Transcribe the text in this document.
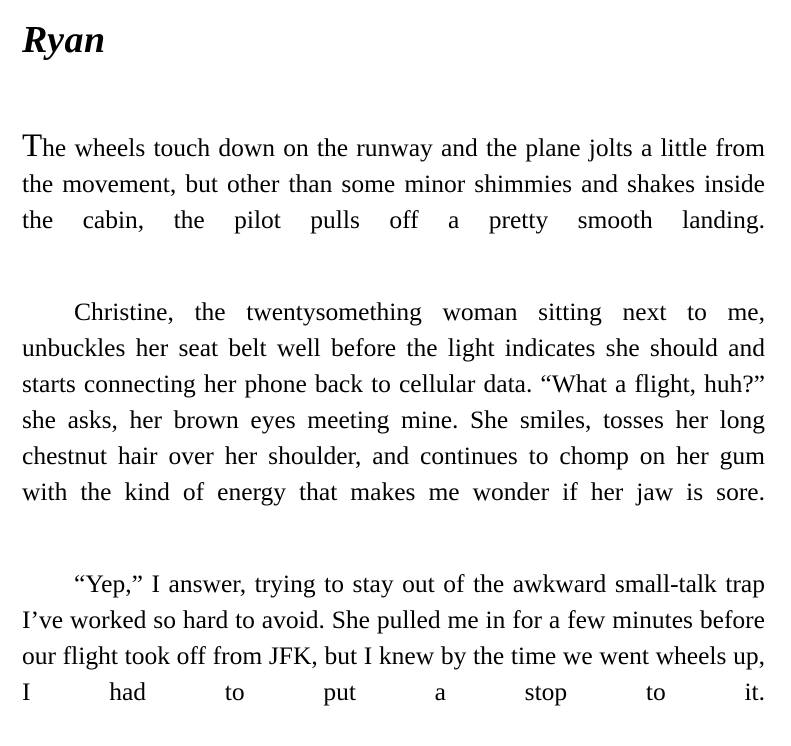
Ryan

The wheels touch down on the runway and the plane jolts a little from the movement, but other than some minor shimmies and shakes inside the cabin, the pilot pulls off a pretty smooth landing.

Christine, the twentysomething woman sitting next to me, unbuckles her seat belt well before the light indicates she should and starts connecting her phone back to cellular data. “What a flight, huh?” she asks, her brown eyes meeting mine. She smiles, tosses her long chestnut hair over her shoulder, and continues to chomp on her gum with the kind of energy that makes me wonder if her jaw is sore.

“Yep,” I answer, trying to stay out of the awkward small-talk trap I’ve worked so hard to avoid. She pulled me in for a few minutes before our flight took off from JFK, but I knew by the time we went wheels up, I had to put a stop to it.
